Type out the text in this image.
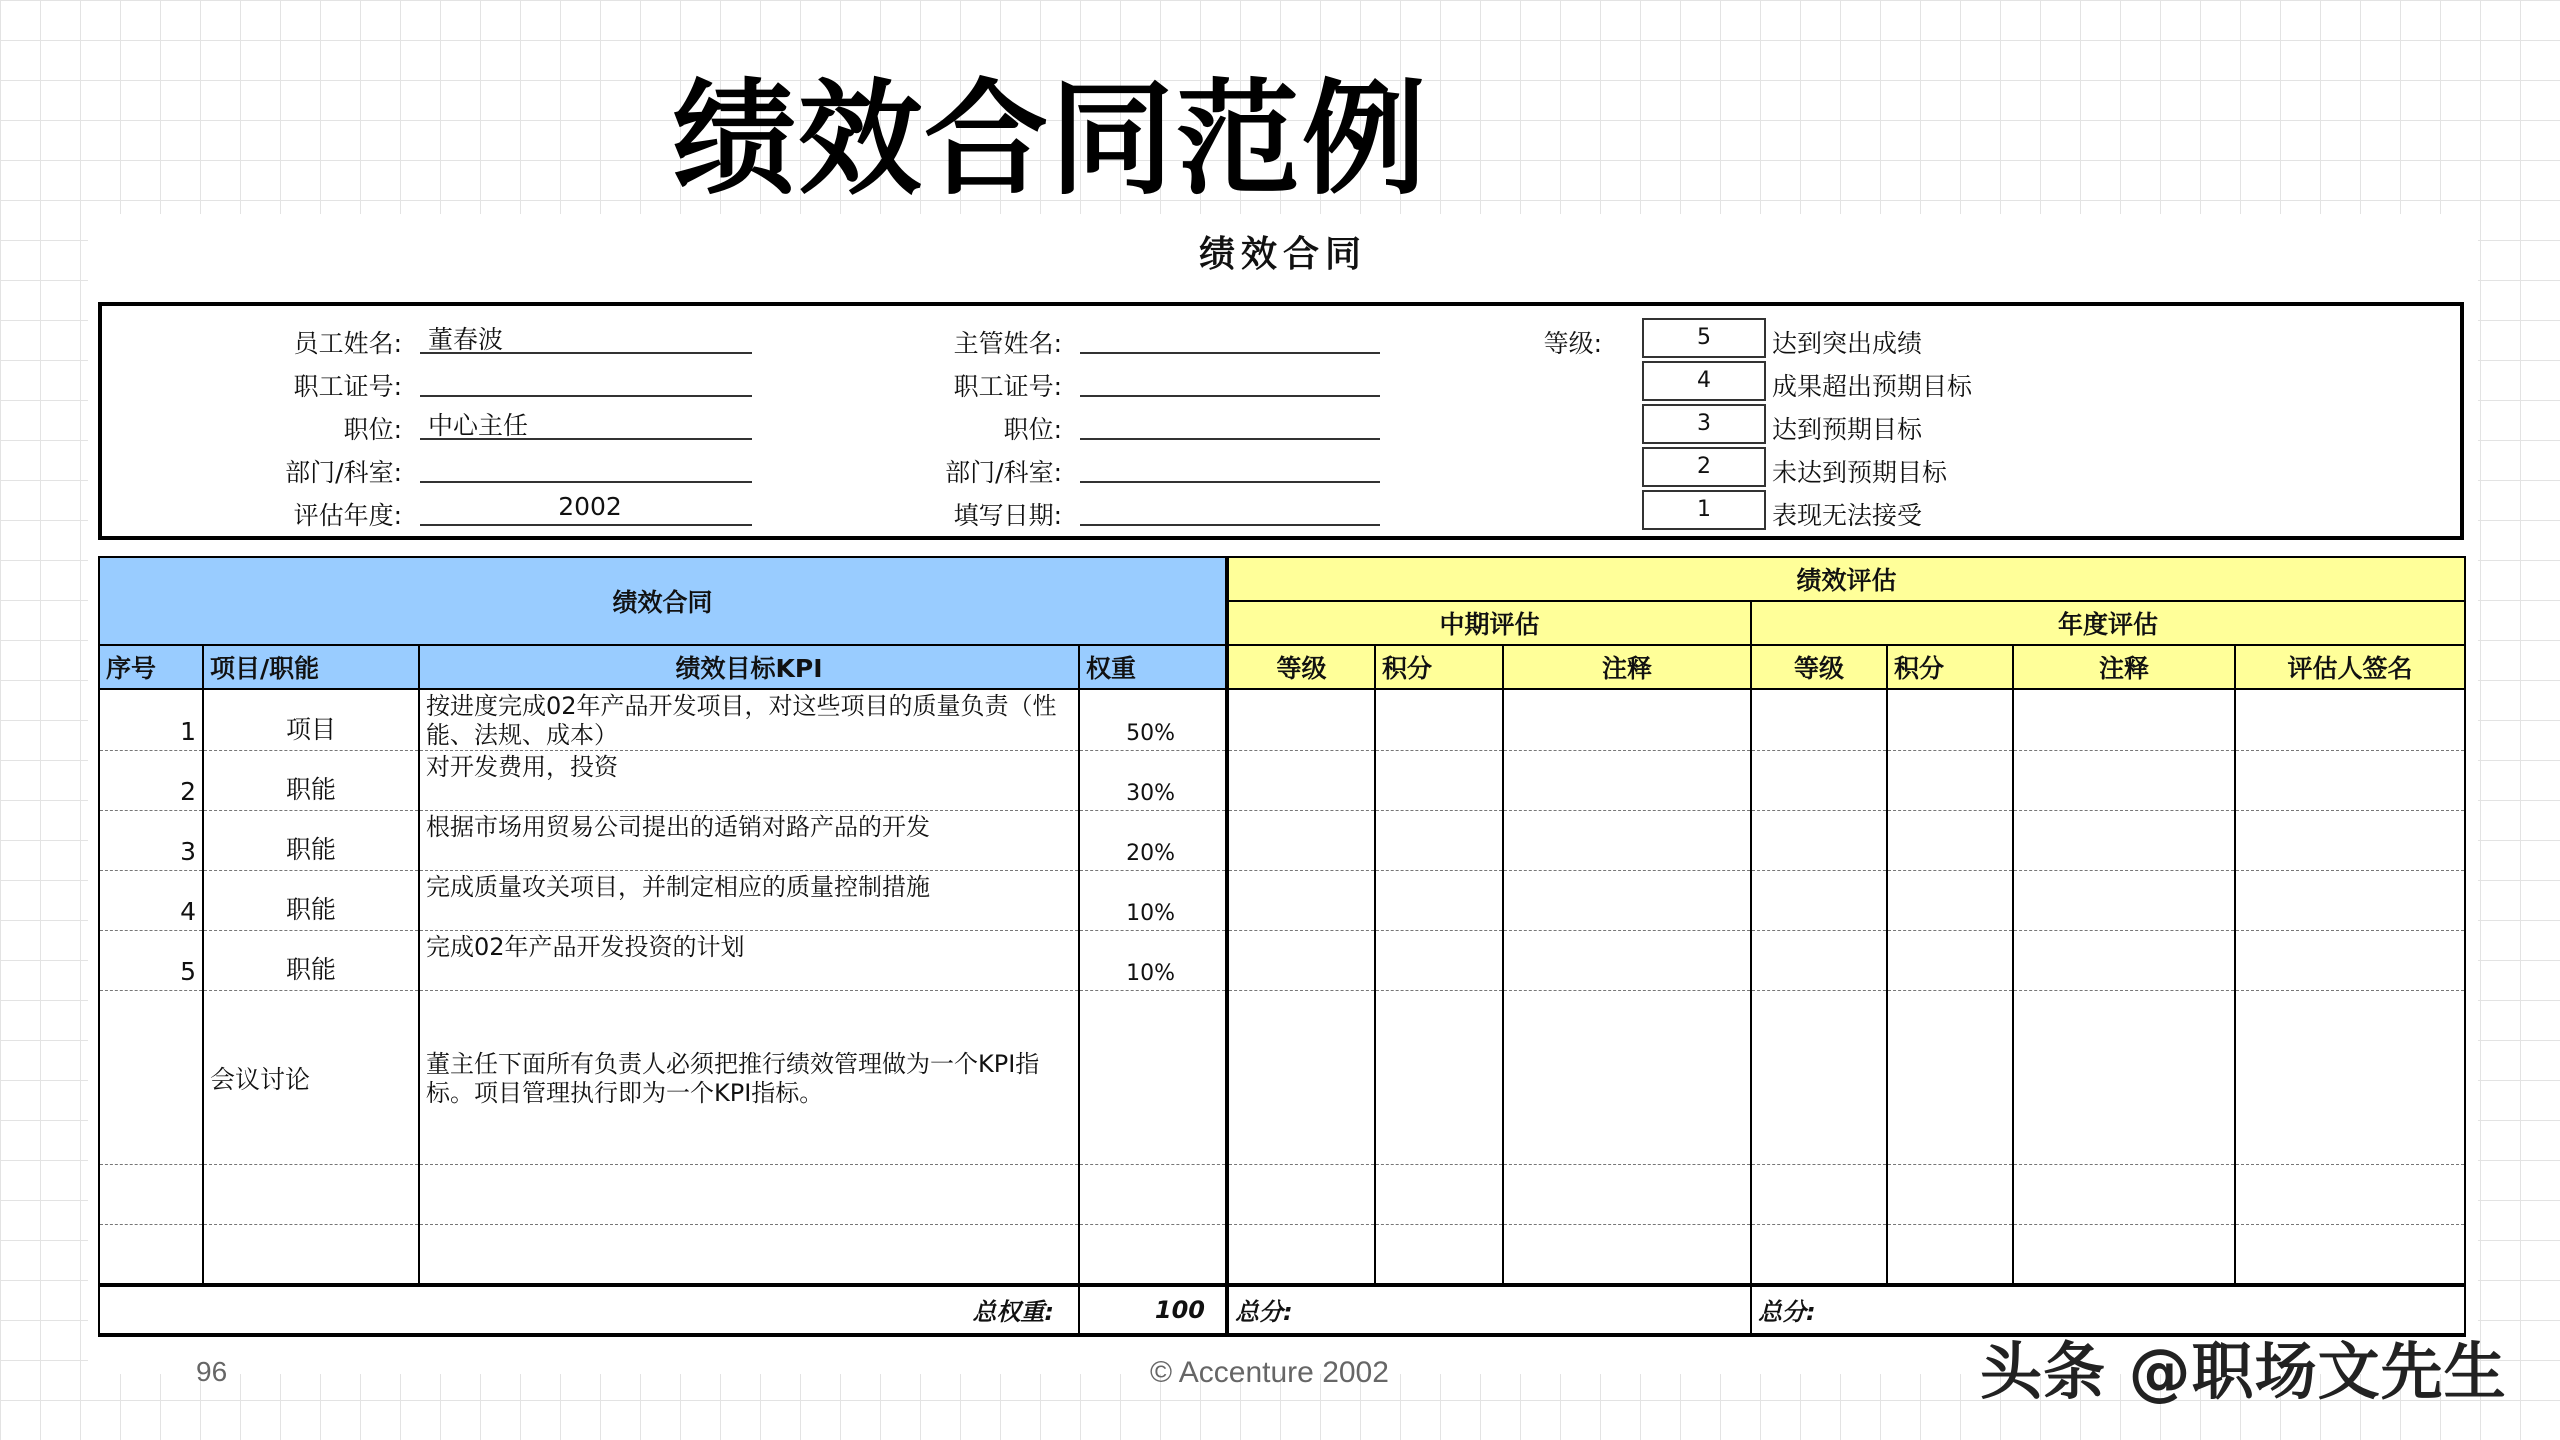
绩效合同范例
绩效合同
员工姓名:	董春波
职工证号:
职位:	中心主任
部门/科室:
评估年度:	2002
主管姓名:
职工证号:
职位:
部门/科室:
填写日期:
等级:	5	达到突出成绩
4	成果超出预期目标
3	达到预期目标
2	未达到预期目标
1	表现无法接受
绩效合同				绩效评估						
				中期评估			年度评估			
序号	项目/职能	绩效目标KPI	权重	等级	积分	注释	等级	积分	注释	评估人签名
1	项目	按进度完成02年产品开发项目，对这些项目的质量负责（性能、法规、成本）	50%							
2	职能	对开发费用，投资	30%							
3	职能	根据市场用贸易公司提出的适销对路产品的开发	20%							
4	职能	完成质量攻关项目，并制定相应的质量控制措施	10%							
5	职能	完成02年产品开发投资的计划	10%							
	会议讨论	董主任下面所有负责人必须把推行绩效管理做为一个KPI指标。项目管理执行即为一个KPI指标。								

总权重:			100	总分:			总分:			
96	© Accenture 2002	头条 @职场文先生
